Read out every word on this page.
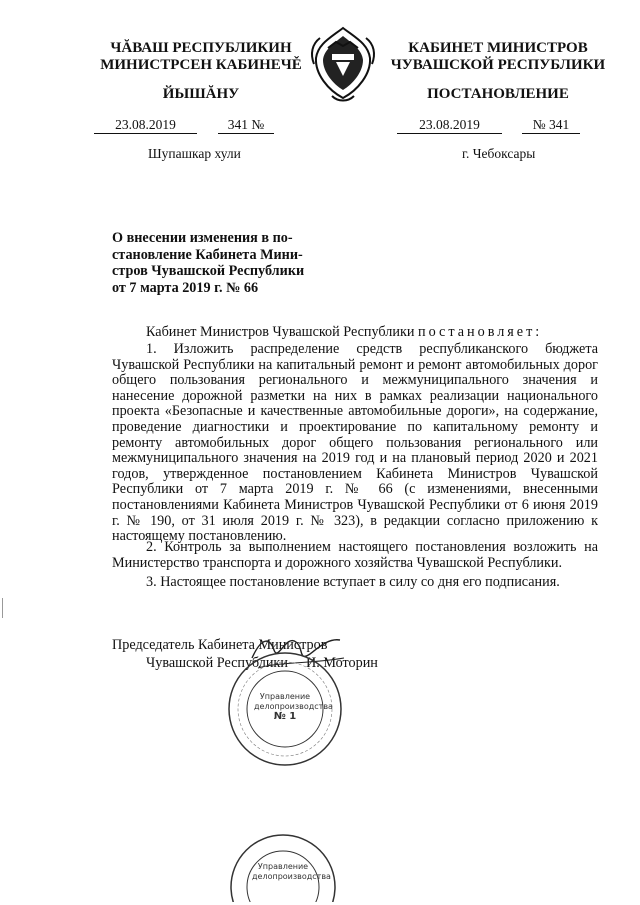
ЧĂВАШ РЕСПУБЛИКИН
МИНИСТРСЕН КАБИНЕЧĚ
ЙЫШĂНУ
КАБИНЕТ МИНИСТРОВ
ЧУВАШСКОЙ РЕСПУБЛИКИ
ПОСТАНОВЛЕНИЕ
23.08.2019	341 №	23.08.2019	№ 341
Шупашкар хули	г. Чебоксары
О внесении изменения в по-
становление Кабинета Мини-
стров Чувашской Республики
от 7 марта 2019 г. № 66
Кабинет Министров Чувашской Республики постановляет:
1. Изложить распределение средств республиканского бюджета Чувашской Республики на капитальный ремонт и ремонт автомобильных дорог общего пользования регионального и межмуниципального значения и нанесение дорожной разметки на них в рамках реализации национального проекта «Безопасные и качественные автомобильные дороги», на содержание, проведение диагностики и проектирование по капитальному ремонту и ремонту автомобильных дорог общего пользования регионального или межмуниципального значения на 2019 год и на плановый период 2020 и 2021 годов, утвержденное постановлением Кабинета Министров Чувашской Республики от 7 марта 2019 г. № 66 (с изменениями, внесенными постановлениями Кабинета Министров Чувашской Республики от 6 июня 2019 г. № 190, от 31 июля 2019 г. № 323), в редакции согласно приложению к настоящему постановлению.
2. Контроль за выполнением настоящего постановления возложить на Министерство транспорта и дорожного хозяйства Чувашской Республики.
3. Настоящее постановление вступает в силу со дня его подписания.
Председатель Кабинета Министров
Чувашской Республики И. Моторин
Управление
делопроизводства
№ 1
Управление
делопроизводства
